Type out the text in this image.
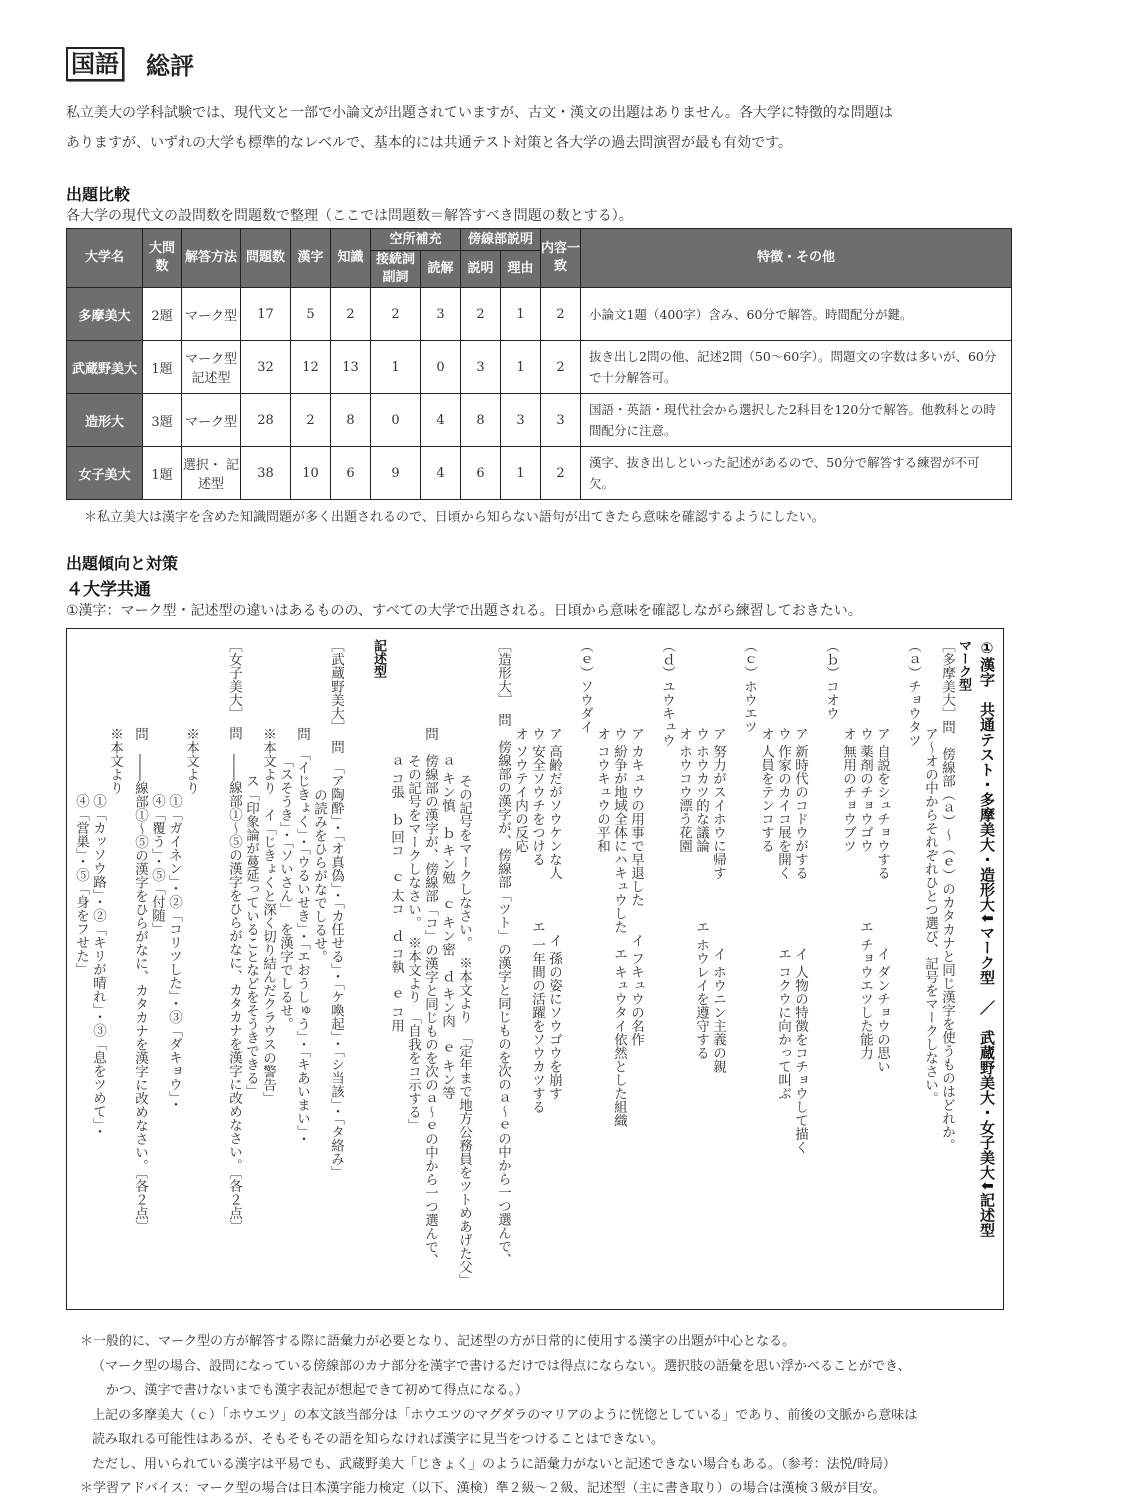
国語 総評
私立美大の学科試験では、現代文と一部で小論文が出題されていますが、古文・漢文の出題はありません。各大学に特徴的な問題は
ありますが、いずれの大学も標準的なレベルで、基本的には共通テスト対策と各大学の過去問演習が最も有効です。
出題比較
各大学の現代文の設問数を問題数で整理（ここでは問題数＝解答すべき問題の数とする）。
大学名	大問数	解答方法	問題数	漢字	知識	空所補充		傍線部説明		内容一致	特徴・その他
						接続詞副詞	読解	説明	理由		
多摩美大	2題	マーク型	17	5	2	2	3	2	1	2	小論文1題（400字）含み、60分で解答。時間配分が鍵。
武蔵野美大	1題	マーク型 記述型	32	12	13	1	0	3	1	2	抜き出し2問の他、記述2問（50〜60字）。問題文の字数は多いが、60分で十分解答可。
造形大	3題	マーク型	28	2	8	0	4	8	3	3	国語・英語・現代社会から選択した2科目を120分で解答。他教科との時間配分に注意。
女子美大	1題	選択・ 記述型	38	10	6	9	4	6	1	2	漢字、抜き出しといった記述があるので、50分で解答する練習が不可欠。
＊私立美大は漢字を含めた知識問題が多く出題されるので、日頃から知らない語句が出てきたら意味を確認するようにしたい。
出題傾向と対策
４大学共通
①漢字：マーク型・記述型の違いはあるものの、すべての大学で出題される。日頃から意味を確認しながら練習しておきたい。
①漢字　共通テスト・多摩美大・造形大⬇マーク型　／　武蔵野美大・女子美大⬇記述型
マーク型
［多摩美大］問　傍線部（ａ）〜（ｅ）のカタカナと同じ漢字を使うものはどれか。
ア〜オの中からそれぞれひとつ選び、記号をマークしなさい。
（ａ）チョウタツ
ア 自説をシュチョウする　　　　　イ ダンチョウの思い
ウ 薬剤のチョウゴウ　　　　　エ チョウエツした能力
オ 無用のチョウブツ
（ｂ）コオウ
ア 新時代のコドウがする　　　　　イ 人物の特徴をコチョウして描く
ウ 作家のカイコ展を開く　　　　　エ コクウに向かって叫ぶ
オ 人員をテンコする
（ｃ）ホウエツ
ア 努力がスイホウに帰す　　　　　イ ホウニン主義の親
ウ ホウカツ的な議論　　　　　エ ホウレイを遵守する
オ ホウコウ漂う花園
（ｄ）ユウキュウ
ア カキュウの用事で早退した　　イ フキュウの名作
ウ 紛争が地域全体にハキュウした　エ キュウタイ依然とした組織
オ コウキュウの平和
（ｅ）ソウダイ
ア 高齢だがソウケンな人　　　　イ 孫の姿にソウゴウを崩す
ウ 安全ソウチをつける　　　　エ 一年間の活躍をソウカツする
オ ソウテイ内の反応
［造形大］　問　傍線部の漢字が、傍線部「ツト」の漢字と同じものを次のａ〜ｅの中から一つ選んで、
その記号をマークしなさい。　※本文より　「定年まで地方公務員をツトめあげた父」
ａ キン慎　ｂ キン勉　ｃ キン密　ｄ キン肉　ｅ キン等
問　傍線部の漢字が、傍線部「コ」の漢字と同じものを次のａ〜ｅの中から一つ選んで、
その記号をマークしなさい。　※本文より　「自我をコ示する」
ａ コ張　ｂ 回コ　ｃ 太コ　ｄ コ執　ｅ コ用
記述型
［武蔵野美大］　問　「ア陶酔」・「オ真偽」・「カ任せる」・「ケ喚起」・「シ当該」・「タ絡み」
の読みをひらがなでしるせ。
問　「イじきょく」・「ウるいせき」・「エおうしゅう」・「キあいまい」・
「スそうき」・「ソいさん」　を漢字でしるせ。
※本文より　イ「じきょくと深く切り結んだクラウスの警告」
ス「印象論が蔓延っていることなどをそうきできる」
［女子美大］　問　――線部①〜⑤の漢字をひらがなに、カタカナを漢字に改めなさい。〔各２点〕
※本文より
①「ガイネン」・②「コリツした」・③「ダキョウ」・
④「覆う」・⑤「付随」
問　――線部①〜⑤の漢字をひらがなに、カタカナを漢字に改めなさい。〔各２点〕
※本文より
①「カッソウ路」・②「キリが晴れ」・③「息をツめて」・
④「営巣」・⑤「身をフせた」

＊一般的に、マーク型の方が解答する際に語彙力が必要となり、記述型の方が日常的に使用する漢字の出題が中心となる。

（マーク型の場合、設問になっている傍線部のカナ部分を漢字で書けるだけでは得点にならない。選択肢の語彙を思い浮かべることができ、

かつ、漢字で書けないまでも漢字表記が想起できて初めて得点になる。）

上記の多摩美大（ｃ）「ホウエツ」の本文該当部分は「ホウエツのマグダラのマリアのように恍惚としている」であり、前後の文脈から意味は

読み取れる可能性はあるが、そもそもその語を知らなければ漢字に見当をつけることはできない。

ただし、用いられている漢字は平易でも、武蔵野美大「じきょく」のように語彙力がないと記述できない場合もある。（参考：法悦/時局）

＊学習アドバイス：マーク型の場合は日本漢字能力検定（以下、漢検）準２級〜２級、記述型（主に書き取り）の場合は漢検３級が目安。
